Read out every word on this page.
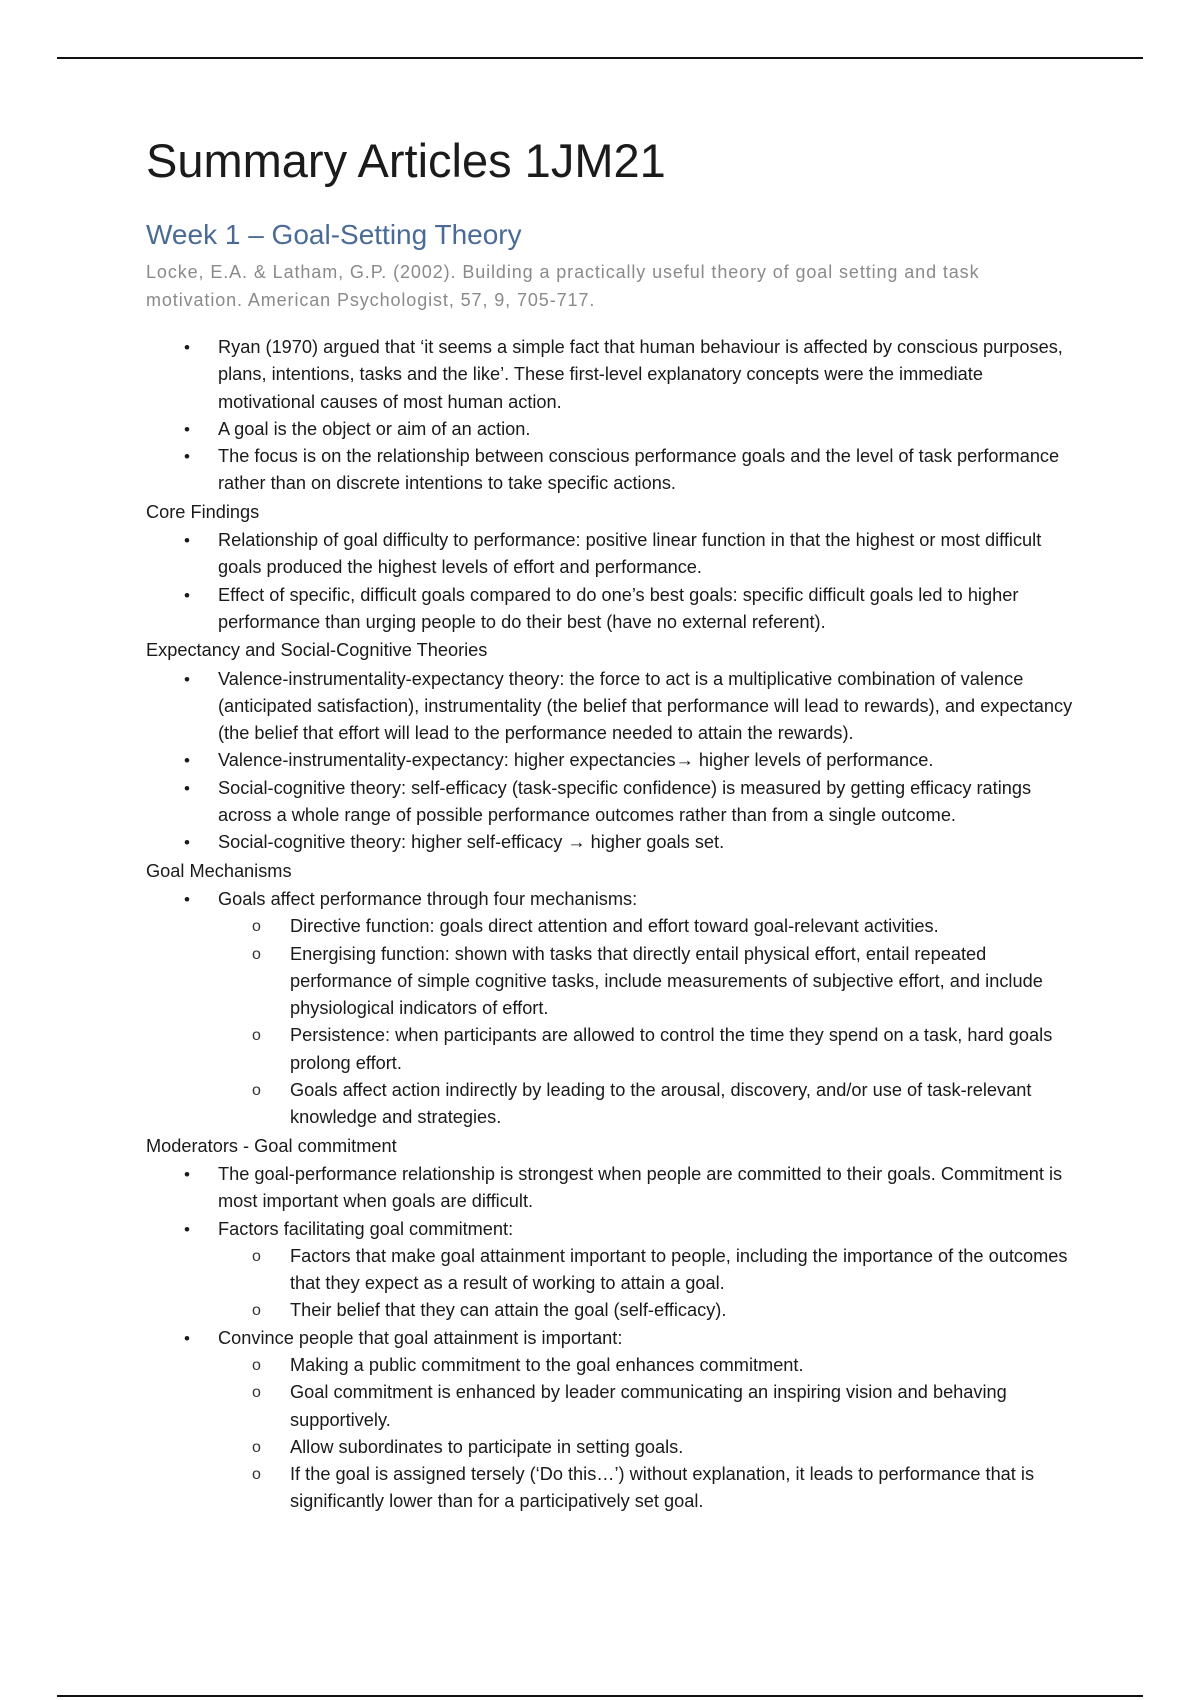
Summary Articles 1JM21
Week 1 – Goal-Setting Theory

Locke, E.A. & Latham, G.P. (2002). Building a practically useful theory of goal setting and task motivation. American Psychologist, 57, 9, 705-717.

•	Ryan (1970) argued that ‘it seems a simple fact that human behaviour is affected by conscious purposes, plans, intentions, tasks and the like’. These first-level explanatory concepts were the immediate motivational causes of most human action.
•	A goal is the object or aim of an action.
•	The focus is on the relationship between conscious performance goals and the level of task performance rather than on discrete intentions to take specific actions.
Core Findings
•	Relationship of goal difficulty to performance: positive linear function in that the highest or most difficult goals produced the highest levels of effort and performance.
•	Effect of specific, difficult goals compared to do one’s best goals: specific difficult goals led to higher performance than urging people to do their best (have no external referent).
Expectancy and Social-Cognitive Theories
•	Valence-instrumentality-expectancy theory: the force to act is a multiplicative combination of valence (anticipated satisfaction), instrumentality (the belief that performance will lead to rewards), and expectancy (the belief that effort will lead to the performance needed to attain the rewards).
•	Valence-instrumentality-expectancy: higher expectancies→ higher levels of performance.
•	Social-cognitive theory: self-efficacy (task-specific confidence) is measured by getting efficacy ratings across a whole range of possible performance outcomes rather than from a single outcome.
•	Social-cognitive theory: higher self-efficacy → higher goals set.
Goal Mechanisms
•	Goals affect performance through four mechanisms:
o	Directive function: goals direct attention and effort toward goal-relevant activities.
o	Energising function: shown with tasks that directly entail physical effort, entail repeated performance of simple cognitive tasks, include measurements of subjective effort, and include physiological indicators of effort.
o	Persistence: when participants are allowed to control the time they spend on a task, hard goals prolong effort.
o	Goals affect action indirectly by leading to the arousal, discovery, and/or use of task-relevant knowledge and strategies.
Moderators - Goal commitment
•	The goal-performance relationship is strongest when people are committed to their goals. Commitment is most important when goals are difficult.
•	Factors facilitating goal commitment:
o	Factors that make goal attainment important to people, including the importance of the outcomes that they expect as a result of working to attain a goal.
o	Their belief that they can attain the goal (self-efficacy).
•	Convince people that goal attainment is important:
o	Making a public commitment to the goal enhances commitment.
o	Goal commitment is enhanced by leader communicating an inspiring vision and behaving supportively.
o	Allow subordinates to participate in setting goals.
o	If the goal is assigned tersely (‘Do this…’) without explanation, it leads to performance that is significantly lower than for a participatively set goal.
